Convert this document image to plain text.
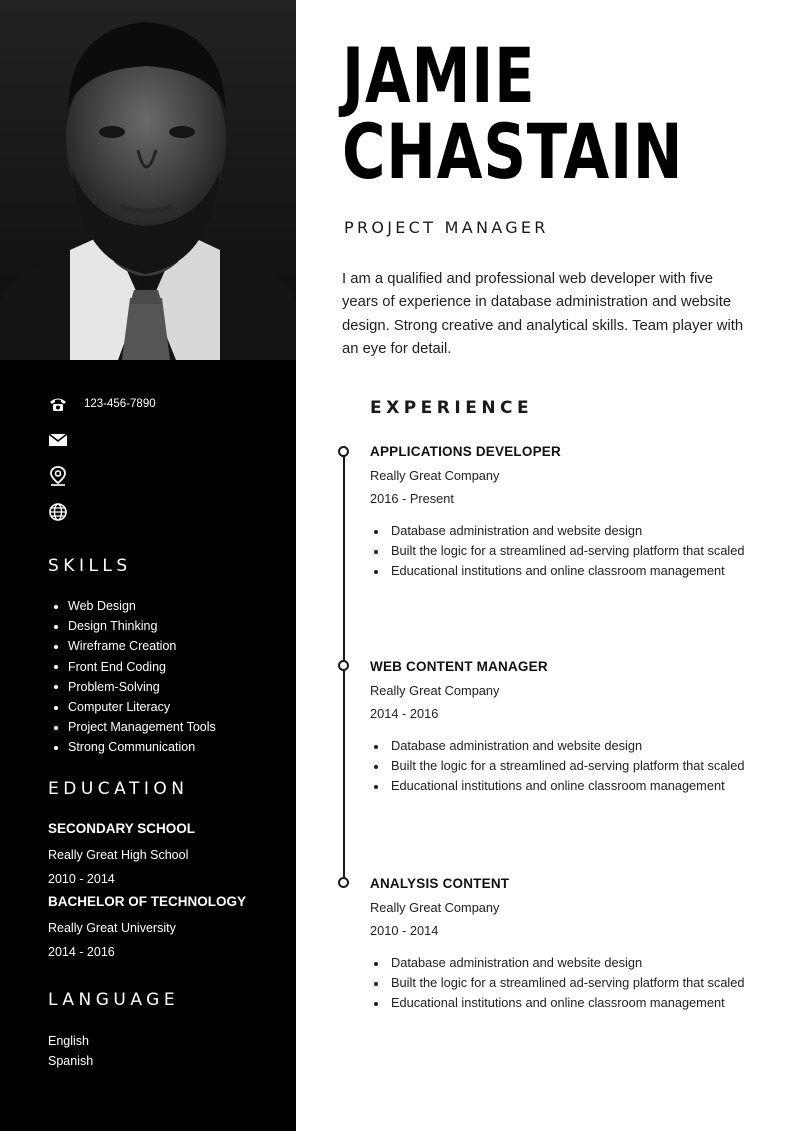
123-456-7890
SKILLS
Web Design
Design Thinking
Wireframe Creation
Front End Coding
Problem-Solving
Computer Literacy
Project Management Tools
Strong Communication
EDUCATION
SECONDARY SCHOOL
Really Great High School
2010 - 2014
BACHELOR OF TECHNOLOGY
Really Great University
2014 - 2016
LANGUAGE
English
Spanish
JAMIE
CHASTAIN
PROJECT MANAGER

I am a qualified and professional web developer with five years of experience in database administration and website design. Strong creative and analytical skills. Team player with an eye for detail.

EXPERIENCE
APPLICATIONS DEVELOPER
Really Great Company
2016 - Present
Database administration and website design
Built the logic for a streamlined ad-serving platform that scaled
Educational institutions and online classroom management
WEB CONTENT MANAGER
Really Great Company
2014 - 2016
Database administration and website design
Built the logic for a streamlined ad-serving platform that scaled
Educational institutions and online classroom management
ANALYSIS CONTENT
Really Great Company
2010 - 2014
Database administration and website design
Built the logic for a streamlined ad-serving platform that scaled
Educational institutions and online classroom management
